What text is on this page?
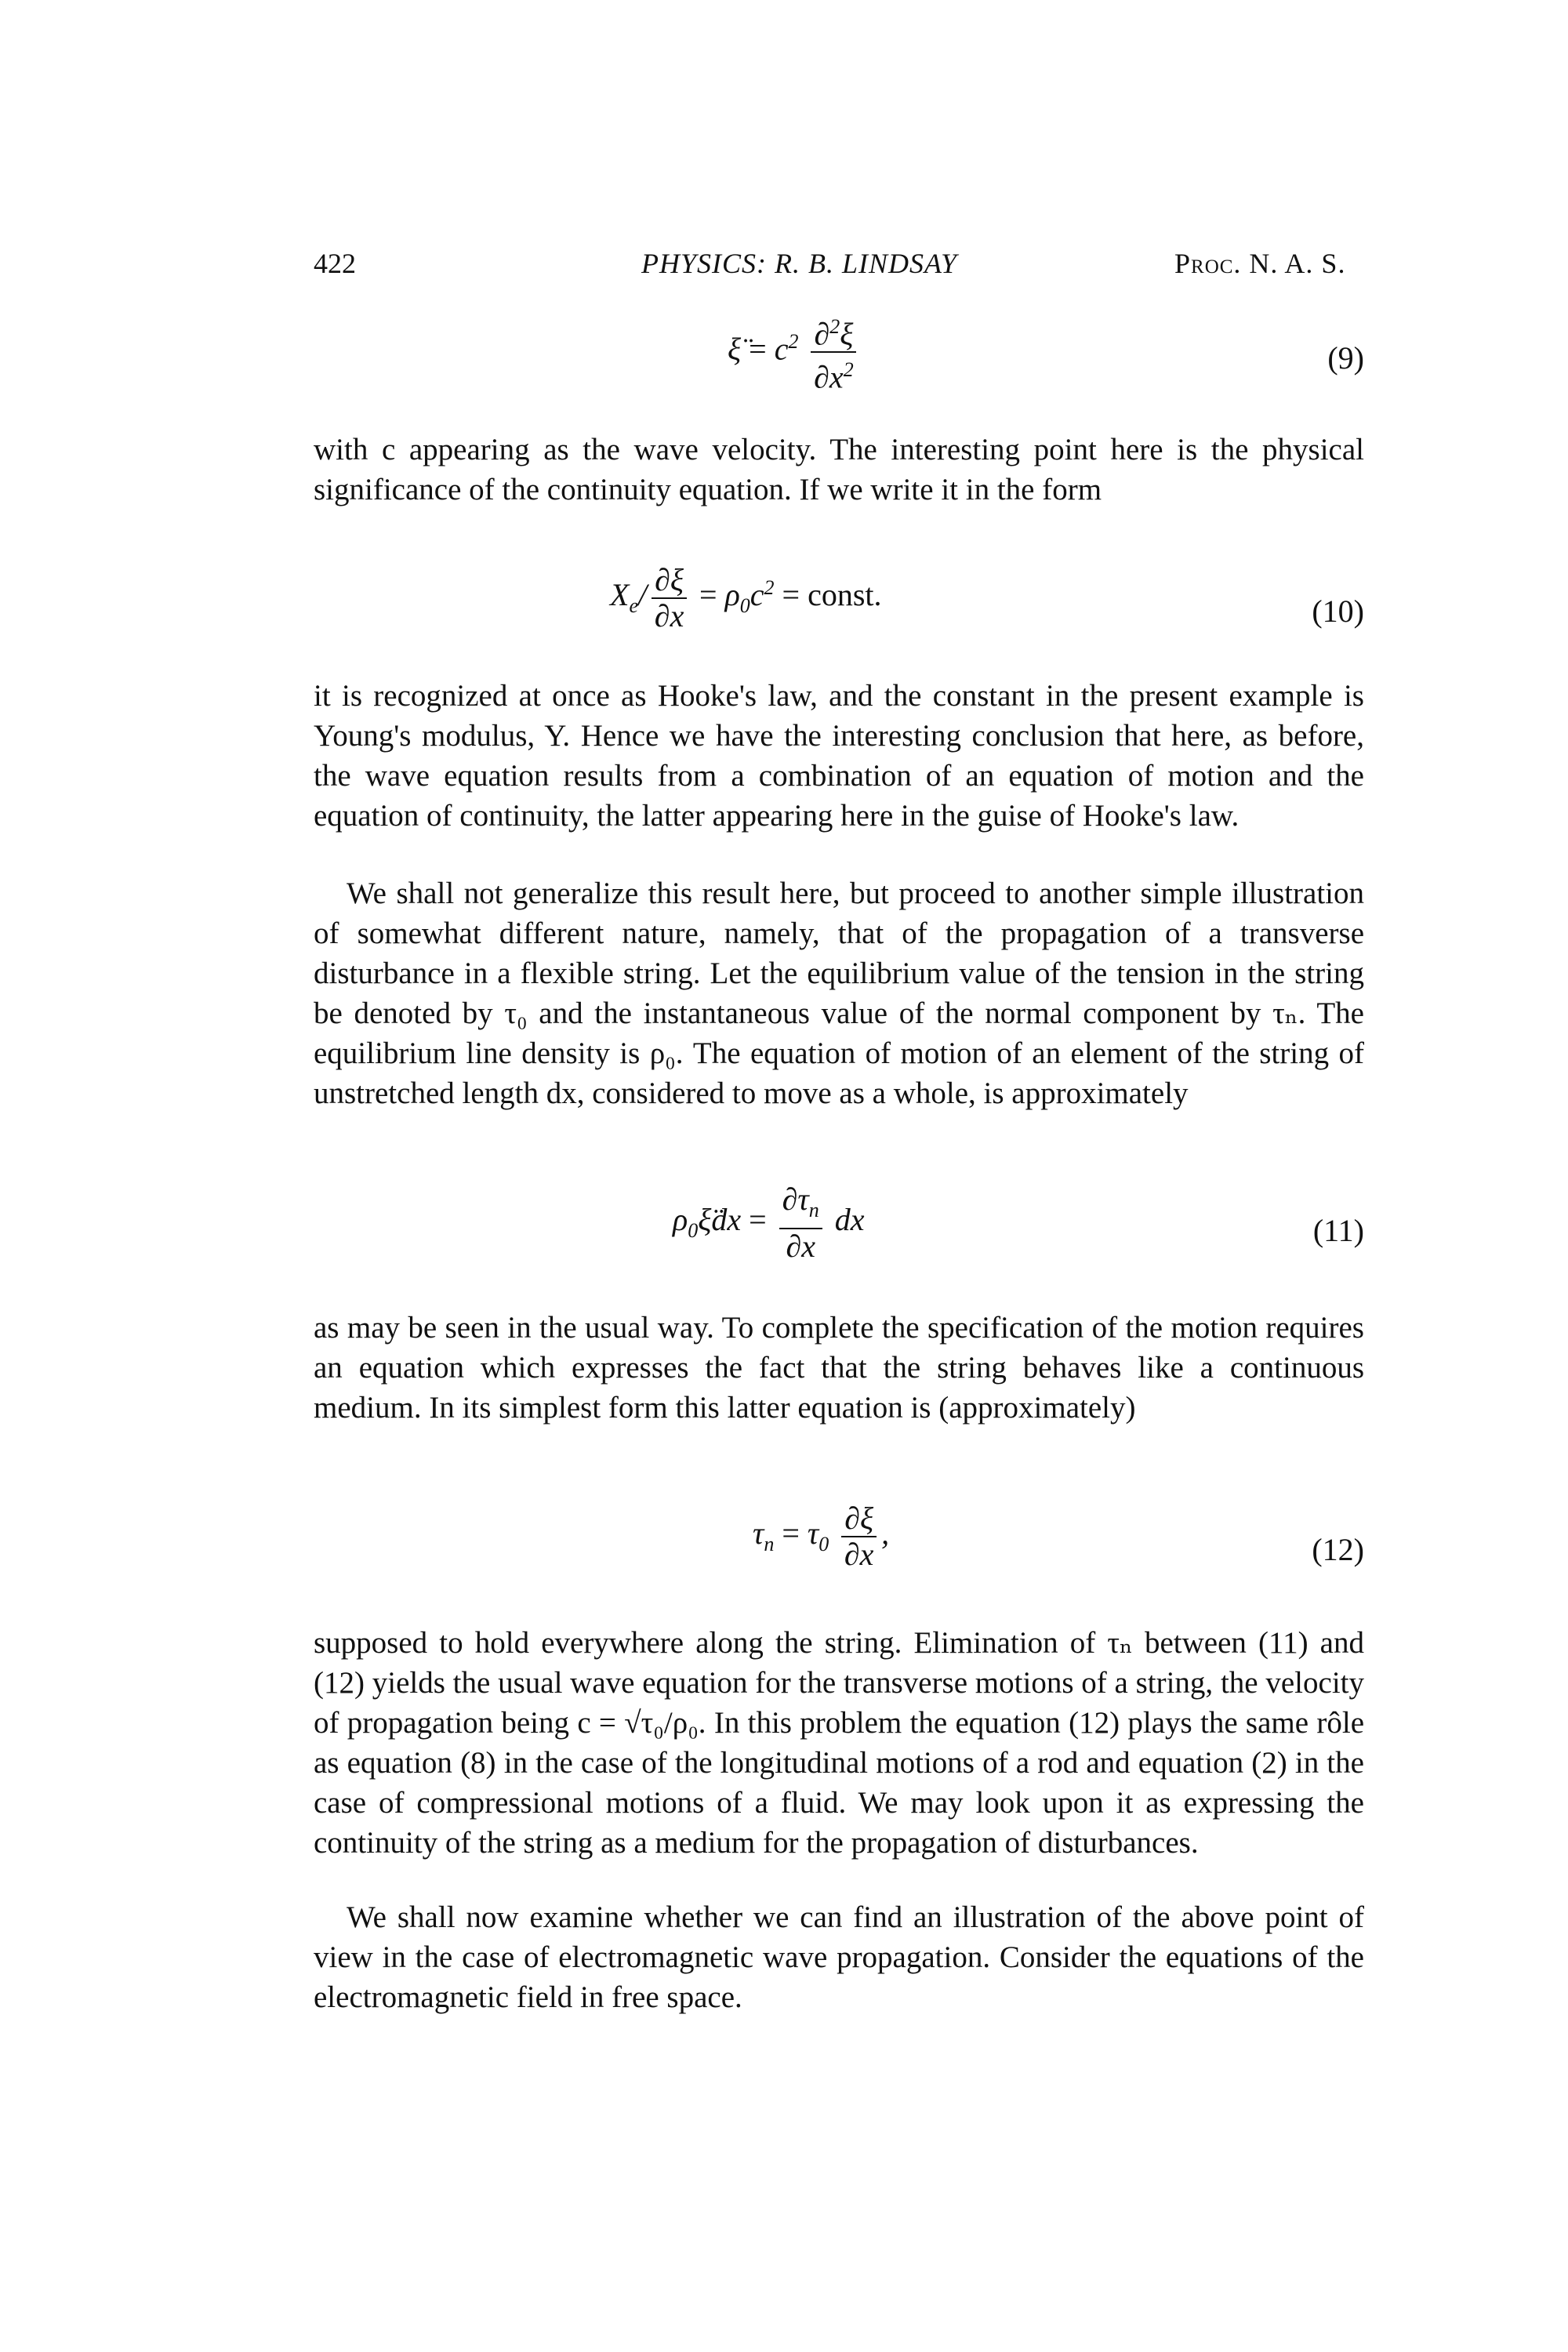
422	PHYSICS: R. B. LINDSAY	Proc. N. A. S.
ξ̈ = $c^2 \frac{\partial^2\xi}{\partial x^2}$	(9)

with c appearing as the wave velocity. The interesting point here is the physical significance of the continuity equation. If we write it in the form

$X_e/ \frac{\partial\xi}{\partial x} = \rho_0c^2$ = const.	(10)

it is recognized at once as Hooke's law, and the constant in the present example is Young's modulus, Y. Hence we have the interesting conclusion that here, as before, the wave equation results from a combination of an equation of motion and the equation of continuity, the latter appearing here in the guise of Hooke's law.

We shall not generalize this result here, but proceed to another simple illustration of somewhat different nature, namely, that of the propagation of a transverse disturbance in a flexible string. Let the equilibrium value of the tension in the string be denoted by τ₀ and the instantaneous value of the normal component by τₙ. The equilibrium line density is ρ₀. The equation of motion of an element of the string of unstretched length dx, considered to move as a whole, is approximately

$\rho_0\xïdx = \frac{\partial\tau_n}{\partial x}$ dx	(11)

as may be seen in the usual way. To complete the specification of the motion requires an equation which expresses the fact that the string behaves like a continuous medium. In its simplest form this latter equation is (approximately)

$\tau_n = \tau_0 \frac{\partial\xi}{\partial x}$ ,	(12)

supposed to hold everywhere along the string. Elimination of τₙ between (11) and (12) yields the usual wave equation for the transverse motions of a string, the velocity of propagation being c = √τ₀/ρ₀. In this problem the equation (12) plays the same rôle as equation (8) in the case of the longitudinal motions of a rod and equation (2) in the case of compressional motions of a fluid. We may look upon it as expressing the continuity of the string as a medium for the propagation of disturbances.

We shall now examine whether we can find an illustration of the above point of view in the case of electromagnetic wave propagation. Consider the equations of the electromagnetic field in free space.
